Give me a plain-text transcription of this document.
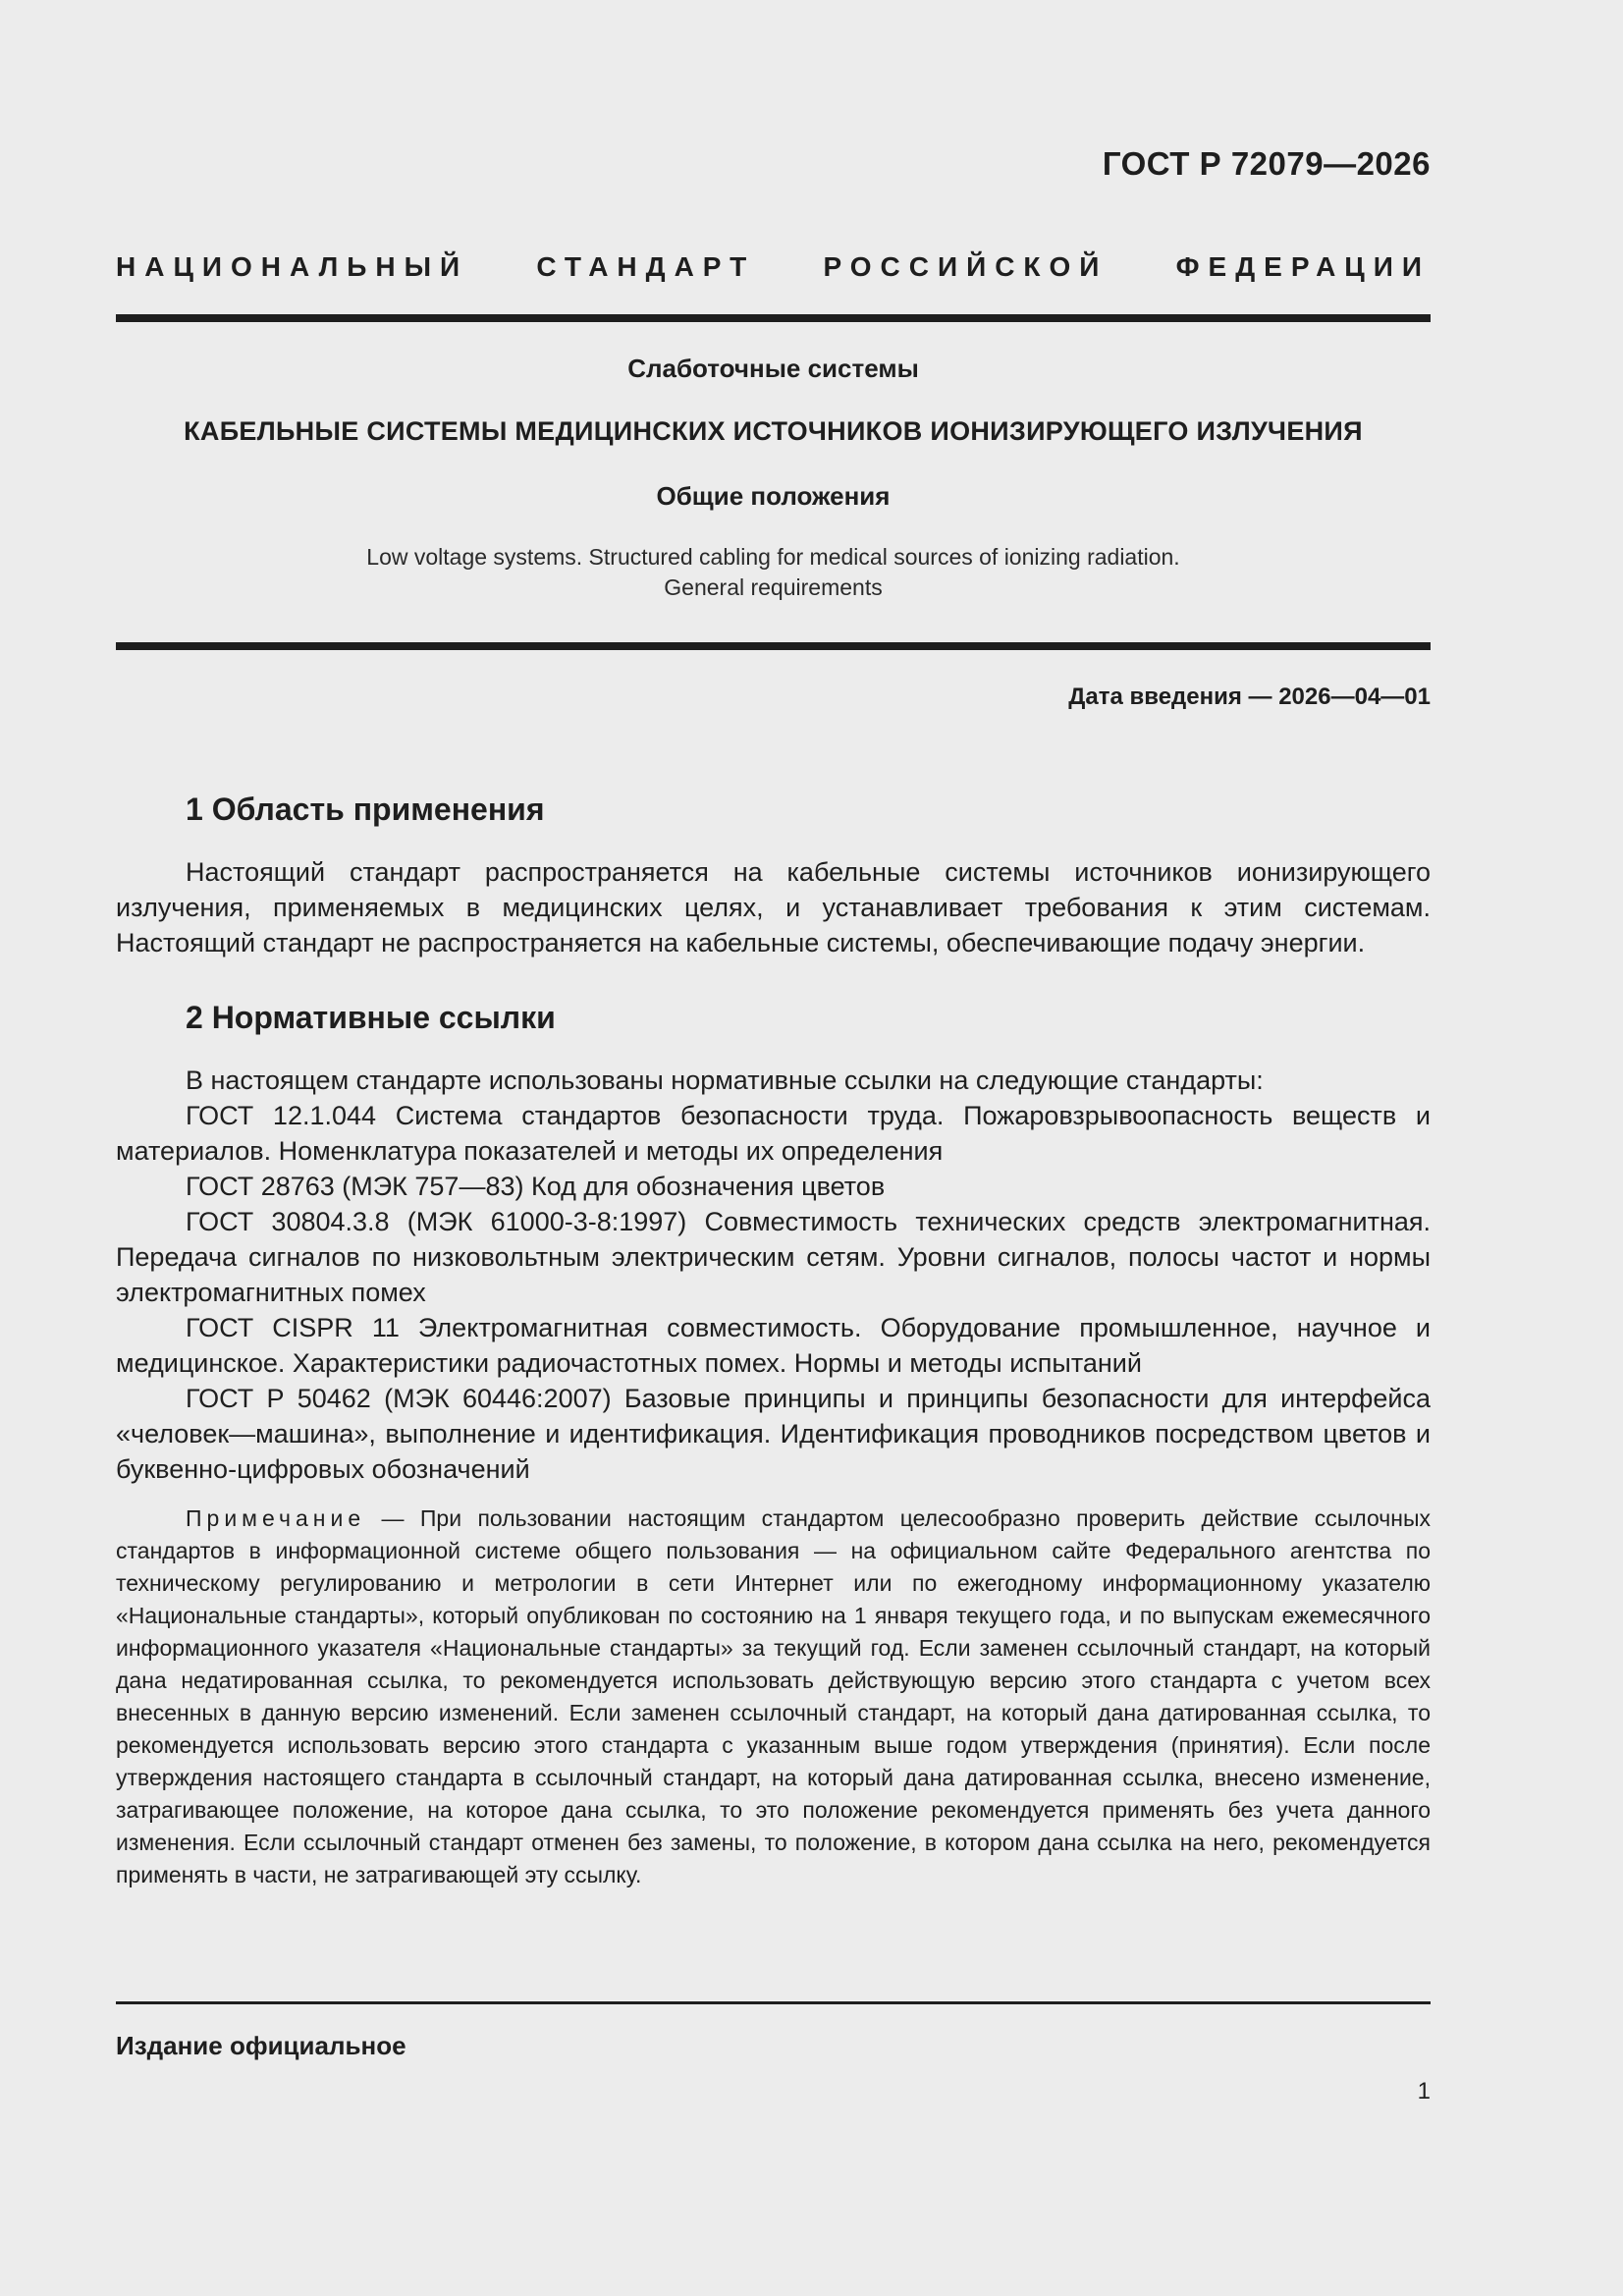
ГОСТ Р 72079—2026
НАЦИОНАЛЬНЫЙ СТАНДАРТ РОССИЙСКОЙ ФЕДЕРАЦИИ
Слаботочные системы
КАБЕЛЬНЫЕ СИСТЕМЫ МЕДИЦИНСКИХ ИСТОЧНИКОВ ИОНИЗИРУЮЩЕГО ИЗЛУЧЕНИЯ
Общие положения
Low voltage systems. Structured cabling for medical sources of ionizing radiation.
General requirements
Дата введения — 2026—04—01
1 Область применения

Настоящий стандарт распространяется на кабельные системы источников ионизирующего излучения, применяемых в медицинских целях, и устанавливает требования к этим системам. Настоящий стандарт не распространяется на кабельные системы, обеспечивающие подачу энергии.

2 Нормативные ссылки

В настоящем стандарте использованы нормативные ссылки на следующие стандарты:

ГОСТ 12.1.044 Система стандартов безопасности труда. Пожаровзрывоопасность веществ и материалов. Номенклатура показателей и методы их определения

ГОСТ 28763 (МЭК 757—83) Код для обозначения цветов

ГОСТ 30804.3.8 (МЭК 61000-3-8:1997) Совместимость технических средств электромагнитная. Передача сигналов по низковольтным электрическим сетям. Уровни сигналов, полосы частот и нормы электромагнитных помех

ГОСТ CISPR 11 Электромагнитная совместимость. Оборудование промышленное, научное и медицинское. Характеристики радиочастотных помех. Нормы и методы испытаний

ГОСТ Р 50462 (МЭК 60446:2007) Базовые принципы и принципы безопасности для интерфейса «человек—машина», выполнение и идентификация. Идентификация проводников посредством цветов и буквенно-цифровых обозначений

Примечание — При пользовании настоящим стандартом целесообразно проверить действие ссылочных стандартов в информационной системе общего пользования — на официальном сайте Федерального агентства по техническому регулированию и метрологии в сети Интернет или по ежегодному информационному указателю «Национальные стандарты», который опубликован по состоянию на 1 января текущего года, и по выпускам ежемесячного информационного указателя «Национальные стандарты» за текущий год. Если заменен ссылочный стандарт, на который дана недатированная ссылка, то рекомендуется использовать действующую версию этого стандарта с учетом всех внесенных в данную версию изменений. Если заменен ссылочный стандарт, на который дана датированная ссылка, то рекомендуется использовать версию этого стандарта с указанным выше годом утверждения (принятия). Если после утверждения настоящего стандарта в ссылочный стандарт, на который дана датированная ссылка, внесено изменение, затрагивающее положение, на которое дана ссылка, то это положение рекомендуется применять без учета данного изменения. Если ссылочный стандарт отменен без замены, то положение, в котором дана ссылка на него, рекомендуется применять в части, не затрагивающей эту ссылку.
Издание официальное
1
